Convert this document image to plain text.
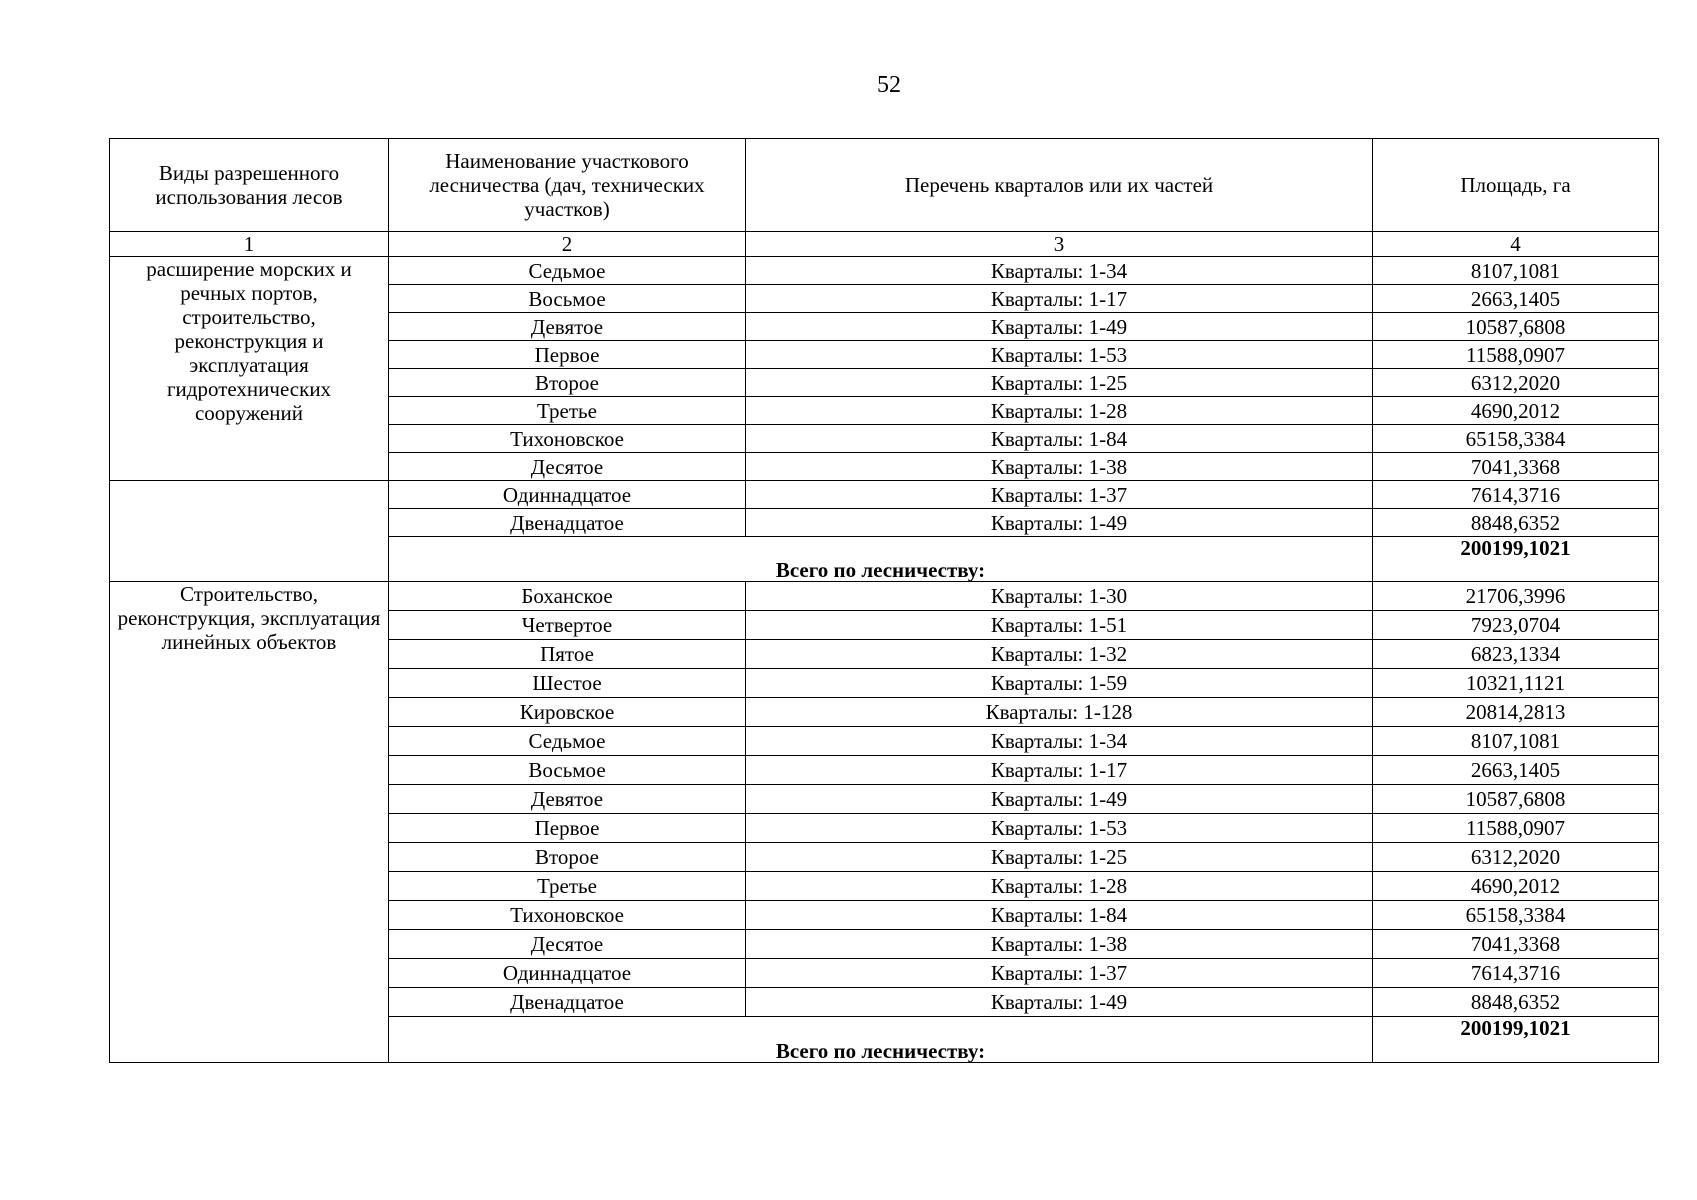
52
Виды разрешенного использования лесов	Наименование участкового лесничества (дач, технических участков)	Перечень кварталов или их частей	Площадь, га
1	2	3	4
расширение морских и речных портов, строительство, реконструкция и эксплуатация гидротехнических сооружений	Седьмое	Кварталы: 1-34	8107,1081
	Восьмое	Кварталы: 1-17	2663,1405
	Девятое	Кварталы: 1-49	10587,6808
	Первое	Кварталы: 1-53	11588,0907
	Второе	Кварталы: 1-25	6312,2020
	Третье	Кварталы: 1-28	4690,2012
	Тихоновское	Кварталы: 1-84	65158,3384
	Десятое	Кварталы: 1-38	7041,3368
	Одиннадцатое	Кварталы: 1-37	7614,3716
	Двенадцатое	Кварталы: 1-49	8848,6352
	Всего по лесничеству:		200199,1021
Строительство, реконструкция, эксплуатация линейных объектов	Боханское	Кварталы: 1-30	21706,3996
	Четвертое	Кварталы: 1-51	7923,0704
	Пятое	Кварталы: 1-32	6823,1334
	Шестое	Кварталы: 1-59	10321,1121
	Кировское	Кварталы: 1-128	20814,2813
	Седьмое	Кварталы: 1-34	8107,1081
	Восьмое	Кварталы: 1-17	2663,1405
	Девятое	Кварталы: 1-49	10587,6808
	Первое	Кварталы: 1-53	11588,0907
	Второе	Кварталы: 1-25	6312,2020
	Третье	Кварталы: 1-28	4690,2012
	Тихоновское	Кварталы: 1-84	65158,3384
	Десятое	Кварталы: 1-38	7041,3368
	Одиннадцатое	Кварталы: 1-37	7614,3716
	Двенадцатое	Кварталы: 1-49	8848,6352
	Всего по лесничеству:		200199,1021
